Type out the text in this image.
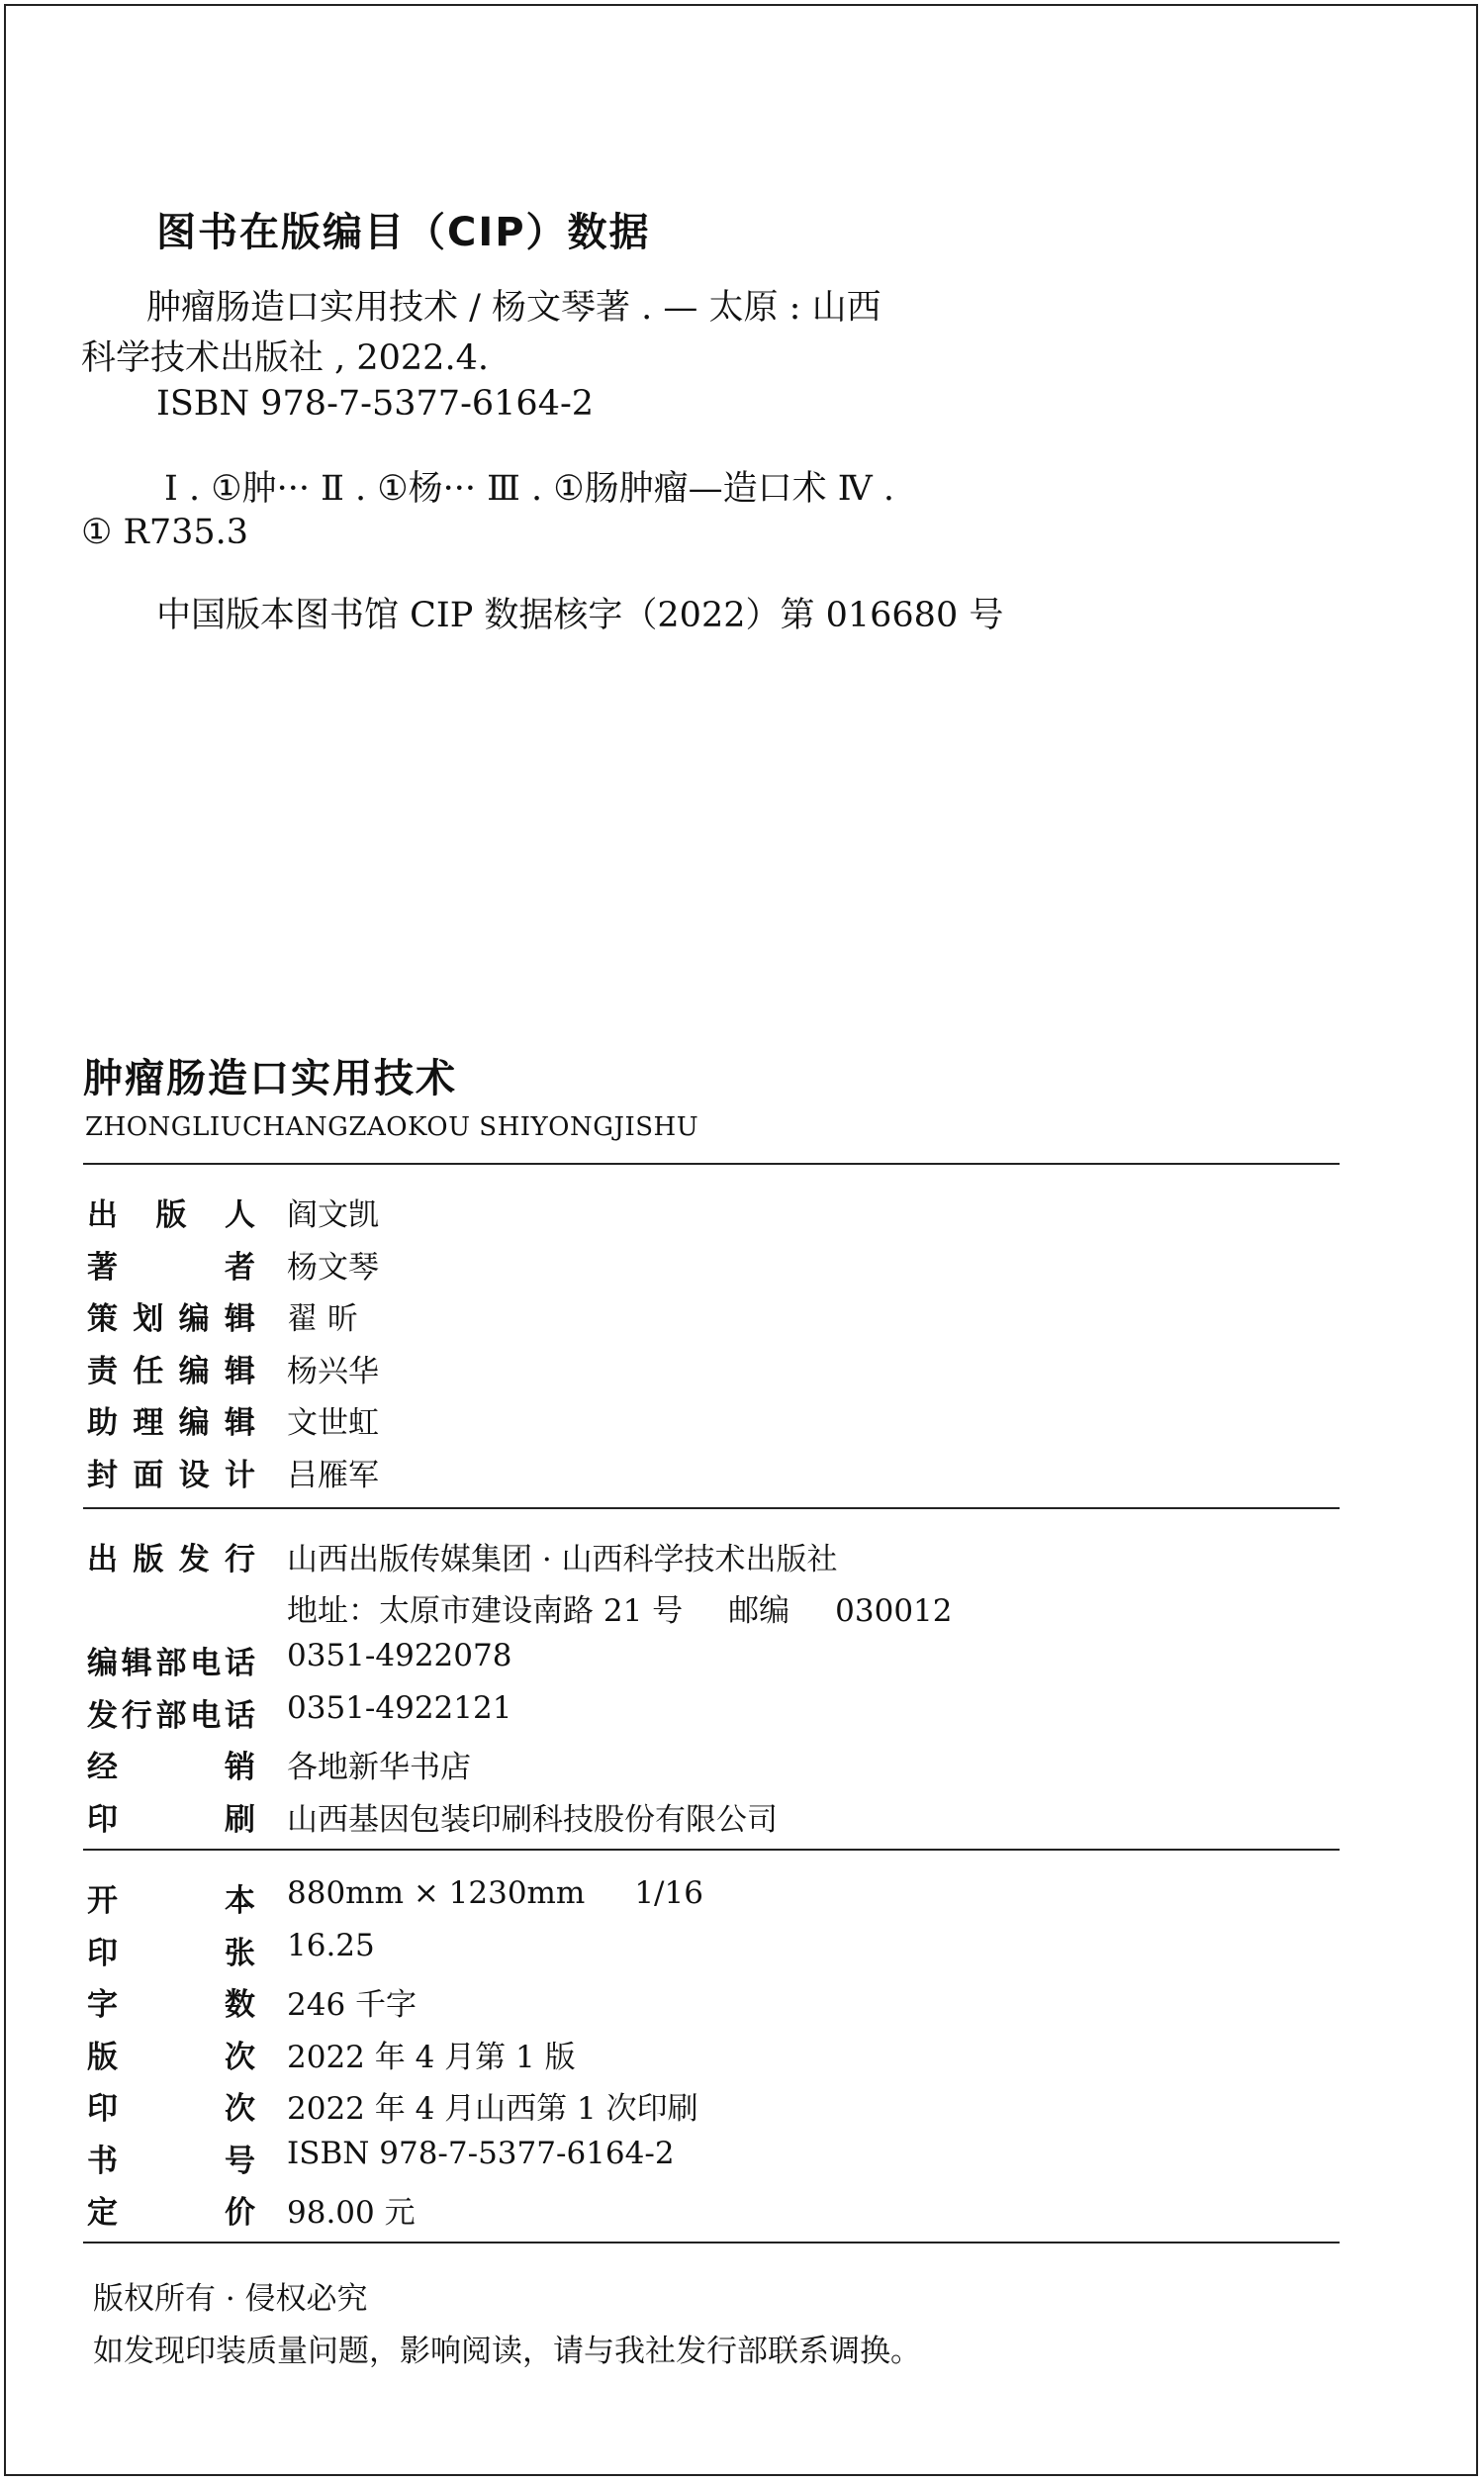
图书在版编目（CIP）数据
肿瘤肠造口实用技术 / 杨文琴著 . — 太原 : 山西
科学技术出版社 , 2022.4.
ISBN 978-7-5377-6164-2
Ⅰ . ①肿··· Ⅱ . ①杨··· Ⅲ . ①肠肿瘤—造口术 Ⅳ .
① R735.3
中国版本图书馆 CIP 数据核字（2022）第 016680 号
肿瘤肠造口实用技术
ZHONGLIUCHANGZAOKOU SHIYONGJISHU
出 版 人 阎文凯
著	者 杨文琴
策 划 编 辑 翟 昕
责 任 编 辑 杨兴华
助 理 编 辑 文世虹
封 面 设 计 吕雁军
出 版 发 行 山西出版传媒集团 · 山西科学技术出版社
地址：太原市建设南路 21 号 邮编 030012
编 辑 部 电 话 0351-4922078
发 行 部 电 话 0351-4922121
经	销 各地新华书店
印	刷 山西基因包装印刷科技股份有限公司
开	本 880mm × 1230mm 1/16
印	张 16.25
字	数 246 千字
版	次 2022 年 4 月第 1 版
印	次 2022 年 4 月山西第 1 次印刷
书	号 ISBN 978-7-5377-6164-2
定	价 98.00 元
版权所有 · 侵权必究
如发现印装质量问题，影响阅读，请与我社发行部联系调换。
